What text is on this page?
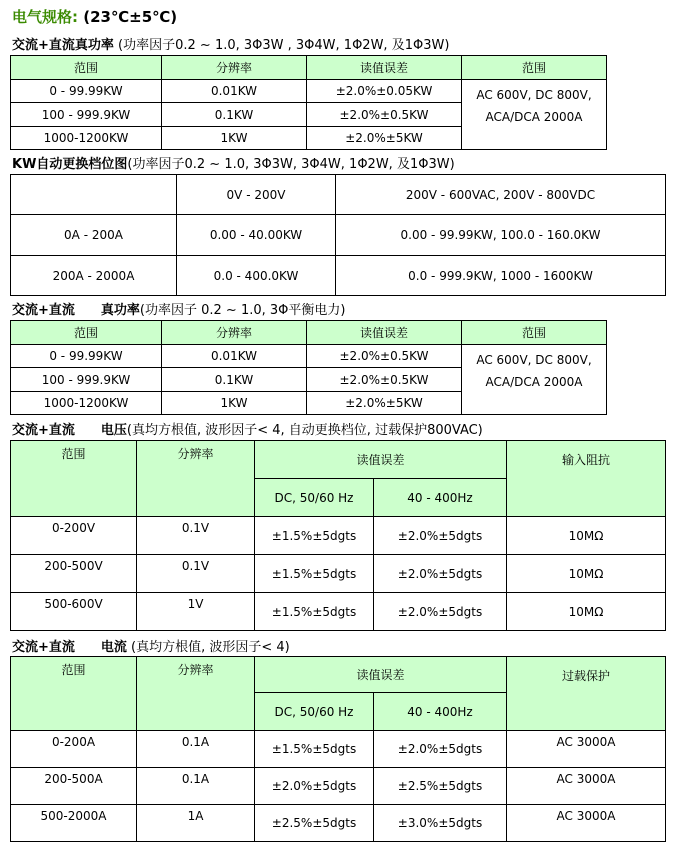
电气规格: (23℃±5℃)
交流+直流真功率 (功率因子0.2 ~ 1.0, 3Φ3W , 3Φ4W, 1Φ2W, 及1Φ3W)
范围	分辨率	读值误差	范围
0 - 99.99KW	0.01KW	±2.0%±0.05KW	AC 600V, DC 800V,
ACA/DCA 2000A

100 - 999.9KW	0.1KW	±2.0%±0.5KW	
1000-1200KW	1KW	±2.0%±5KW	
KW自动更换档位图(功率因子0.2 ~ 1.0, 3Φ3W, 3Φ4W, 1Φ2W, 及1Φ3W)
	0V - 200V	200V - 600VAC, 200V - 800VDC
0A - 200A	0.00 - 40.00KW	0.00 - 99.99KW, 100.0 - 160.0KW
200A - 2000A	0.0 - 400.0KW	0.0 - 999.9KW, 1000 - 1600KW
交流+直流　　真功率(功率因子 0.2 ~ 1.0, 3Φ平衡电力)
范围	分辨率	读值误差	范围
0 - 99.99KW	0.01KW	±2.0%±0.5KW	AC 600V, DC 800V,
ACA/DCA 2000A

100 - 999.9KW	0.1KW	±2.0%±0.5KW	
1000-1200KW	1KW	±2.0%±5KW	
交流+直流　　电压(真均方根值, 波形因子< 4, 自动更换档位, 过载保护800VAC)
范围	分辨率	读值误差		输入阻抗
		DC, 50/60 Hz	40 - 400Hz	
0-200V	0.1V	±1.5%±5dgts	±2.0%±5dgts	10MΩ
200-500V	0.1V	±1.5%±5dgts	±2.0%±5dgts	10MΩ
500-600V	1V	±1.5%±5dgts	±2.0%±5dgts	10MΩ
交流+直流　　电流 (真均方根值, 波形因子< 4)
范围	分辨率	读值误差		过载保护
		DC, 50/60 Hz	40 - 400Hz	
0-200A	0.1A	±1.5%±5dgts	±2.0%±5dgts	AC 3000A
200-500A	0.1A	±2.0%±5dgts	±2.5%±5dgts	AC 3000A
500-2000A	1A	±2.5%±5dgts	±3.0%±5dgts	AC 3000A
